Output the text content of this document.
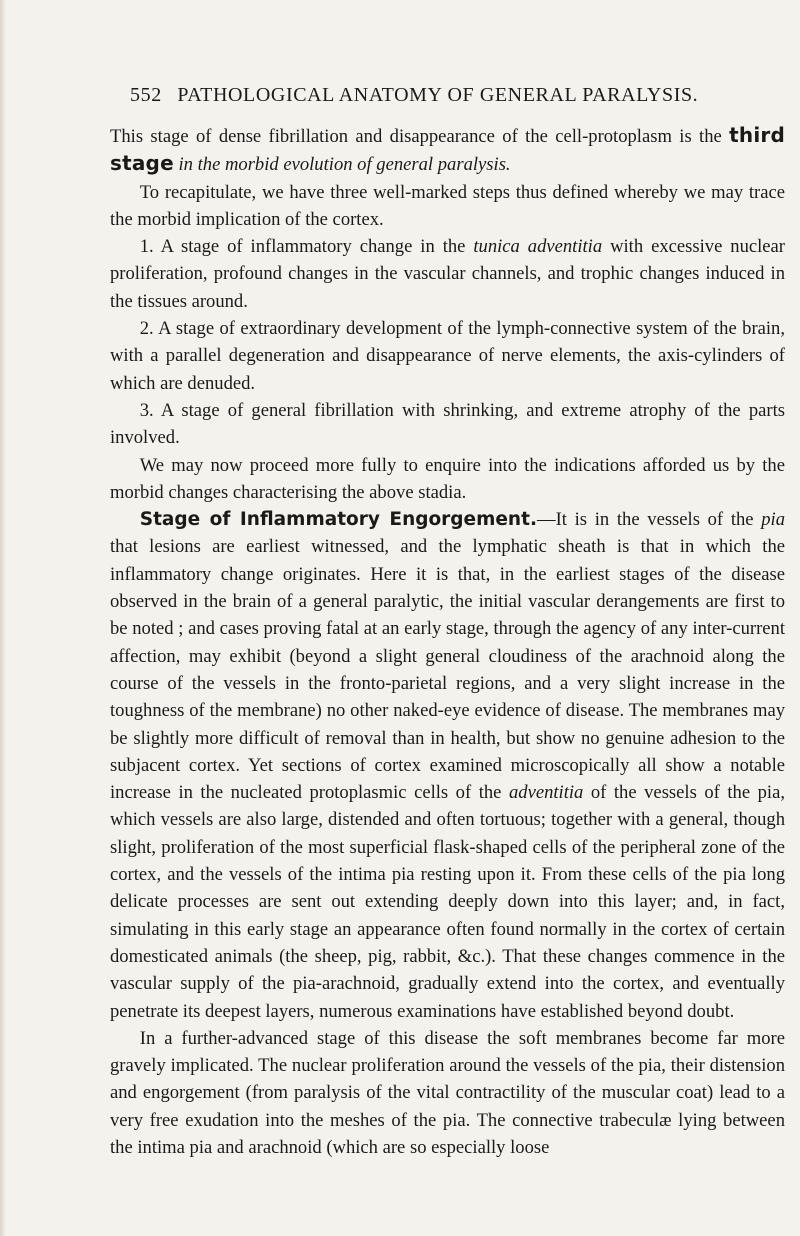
552 PATHOLOGICAL ANATOMY OF GENERAL PARALYSIS.

This stage of dense fibrillation and disappearance of the cell-protoplasm is the third stage in the morbid evolution of general paralysis.

To recapitulate, we have three well-marked steps thus defined whereby we may trace the morbid implication of the cortex.

1. A stage of inflammatory change in the tunica adventitia with excessive nuclear proliferation, profound changes in the vascular channels, and trophic changes induced in the tissues around.

2. A stage of extraordinary development of the lymph-connective system of the brain, with a parallel degeneration and disappearance of nerve elements, the axis-cylinders of which are denuded.

3. A stage of general fibrillation with shrinking, and extreme atrophy of the parts involved.

We may now proceed more fully to enquire into the indications afforded us by the morbid changes characterising the above stadia.

Stage of Inflammatory Engorgement.—It is in the vessels of the pia that lesions are earliest witnessed, and the lymphatic sheath is that in which the inflammatory change originates. Here it is that, in the earliest stages of the disease observed in the brain of a general paralytic, the initial vascular derangements are first to be noted ; and cases proving fatal at an early stage, through the agency of any inter-current affection, may exhibit (beyond a slight general cloudiness of the arachnoid along the course of the vessels in the fronto-parietal regions, and a very slight increase in the toughness of the membrane) no other naked-eye evidence of disease. The membranes may be slightly more difficult of removal than in health, but show no genuine adhesion to the subjacent cortex. Yet sections of cortex examined microscopically all show a notable increase in the nucleated protoplasmic cells of the adventitia of the vessels of the pia, which vessels are also large, distended and often tortuous; together with a general, though slight, proliferation of the most superficial flask-shaped cells of the peripheral zone of the cortex, and the vessels of the intima pia resting upon it. From these cells of the pia long delicate processes are sent out extending deeply down into this layer; and, in fact, simulating in this early stage an appearance often found normally in the cortex of certain domesticated animals (the sheep, pig, rabbit, &c.). That these changes commence in the vascular supply of the pia-arachnoid, gradually extend into the cortex, and eventually penetrate its deepest layers, numerous examinations have established beyond doubt.

In a further-advanced stage of this disease the soft membranes become far more gravely implicated. The nuclear proliferation around the vessels of the pia, their distension and engorgement (from paralysis of the vital contractility of the muscular coat) lead to a very free exudation into the meshes of the pia. The connective trabeculæ lying between the intima pia and arachnoid (which are so especially loose
